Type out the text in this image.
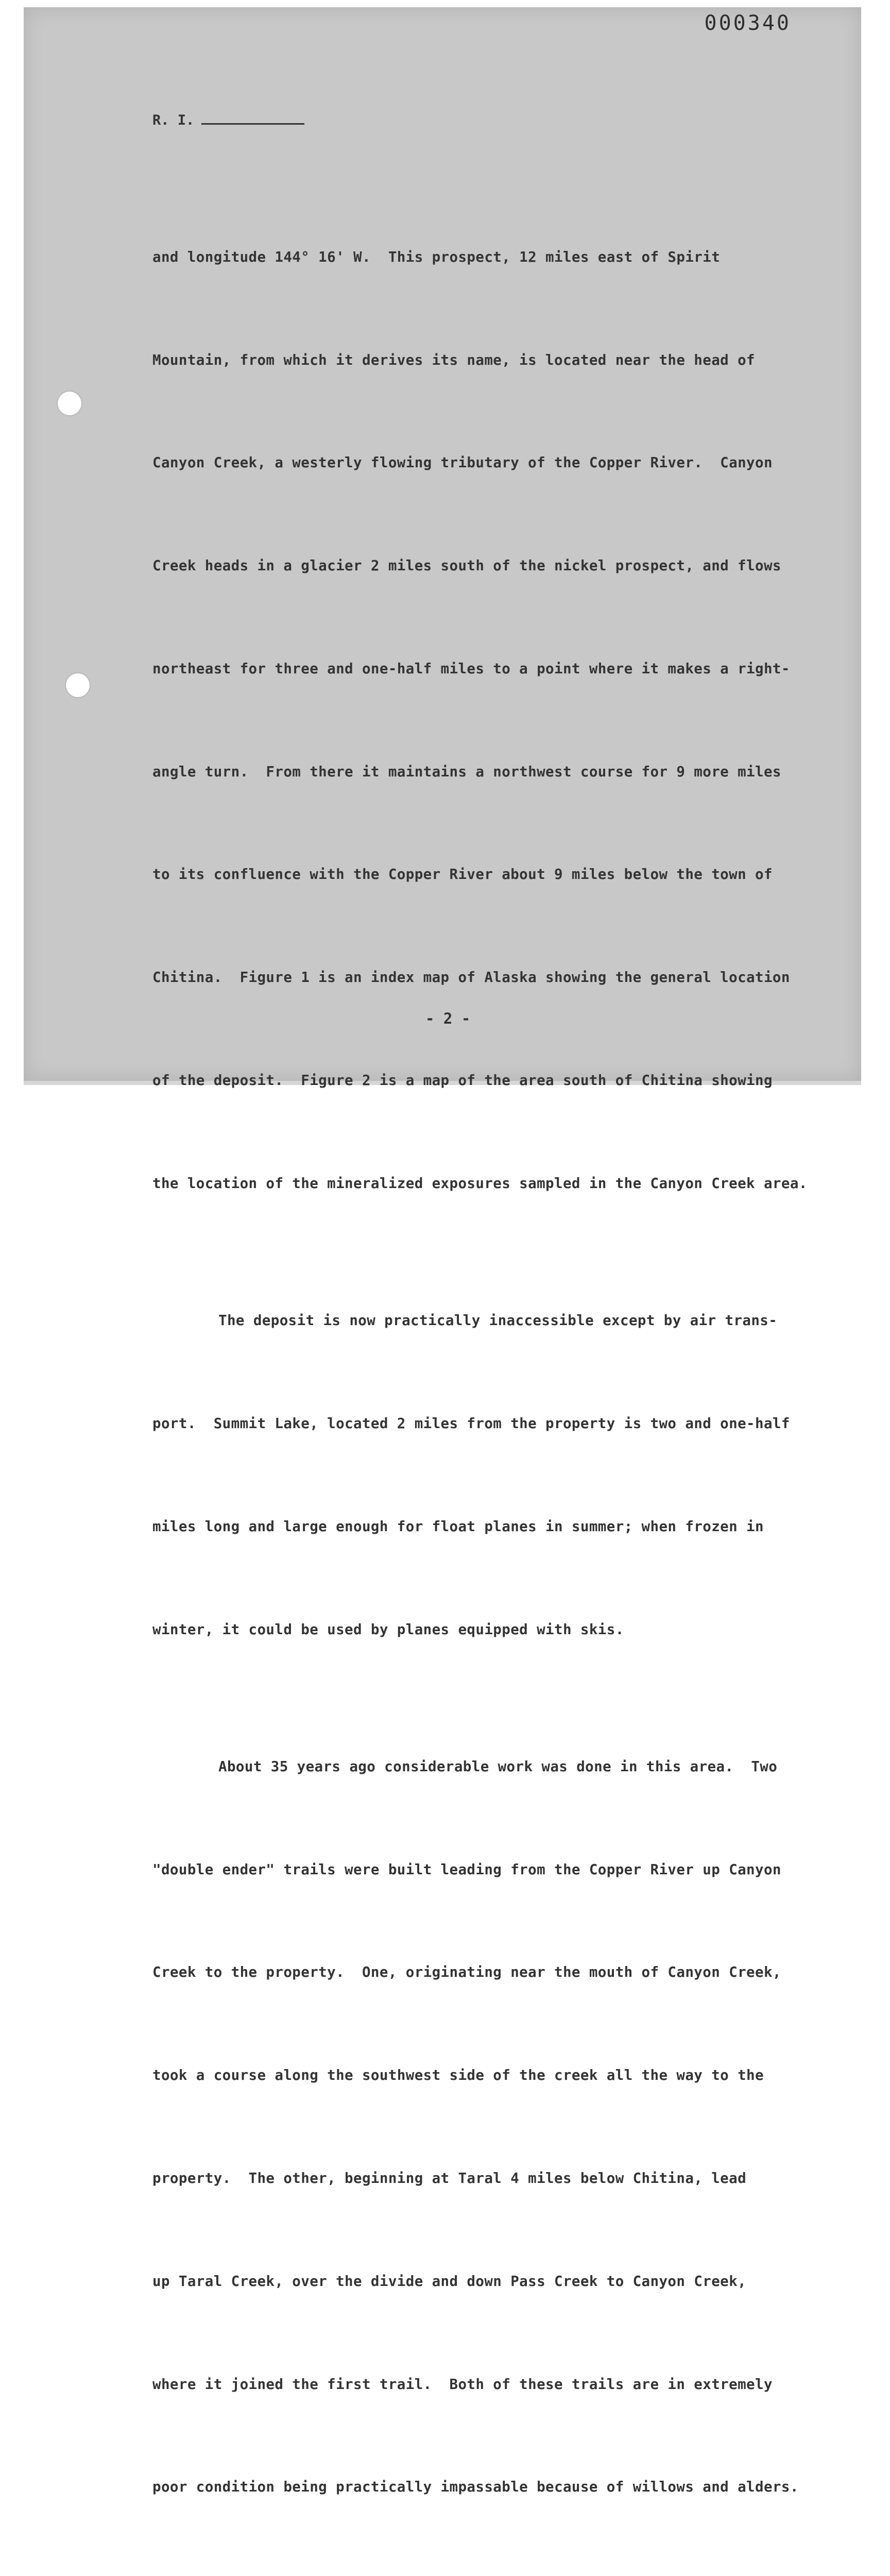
000340
R. I.

and longitude 144° 16' W.  This prospect, 12 miles east of Spirit

Mountain, from which it derives its name, is located near the head of

Canyon Creek, a westerly flowing tributary of the Copper River.  Canyon

Creek heads in a glacier 2 miles south of the nickel prospect, and flows

northeast for three and one-half miles to a point where it makes a right-

angle turn.  From there it maintains a northwest course for 9 more miles

to its confluence with the Copper River about 9 miles below the town of

Chitina.  Figure 1 is an index map of Alaska showing the general location

of the deposit.  Figure 2 is a map of the area south of Chitina showing

the location of the mineralized exposures sampled in the Canyon Creek area.

The deposit is now practically inaccessible except by air trans-

port.  Summit Lake, located 2 miles from the property is two and one-half

miles long and large enough for float planes in summer; when frozen in

winter, it could be used by planes equipped with skis.

About 35 years ago considerable work was done in this area.  Two

"double ender" trails were built leading from the Copper River up Canyon

Creek to the property.  One, originating near the mouth of Canyon Creek,

took a course along the southwest side of the creek all the way to the

property.  The other, beginning at Taral 4 miles below Chitina, lead

up Taral Creek, over the divide and down Pass Creek to Canyon Creek,

where it joined the first trail.  Both of these trails are in extremely

poor condition being practically impassable because of willows and alders.

- 2 -
